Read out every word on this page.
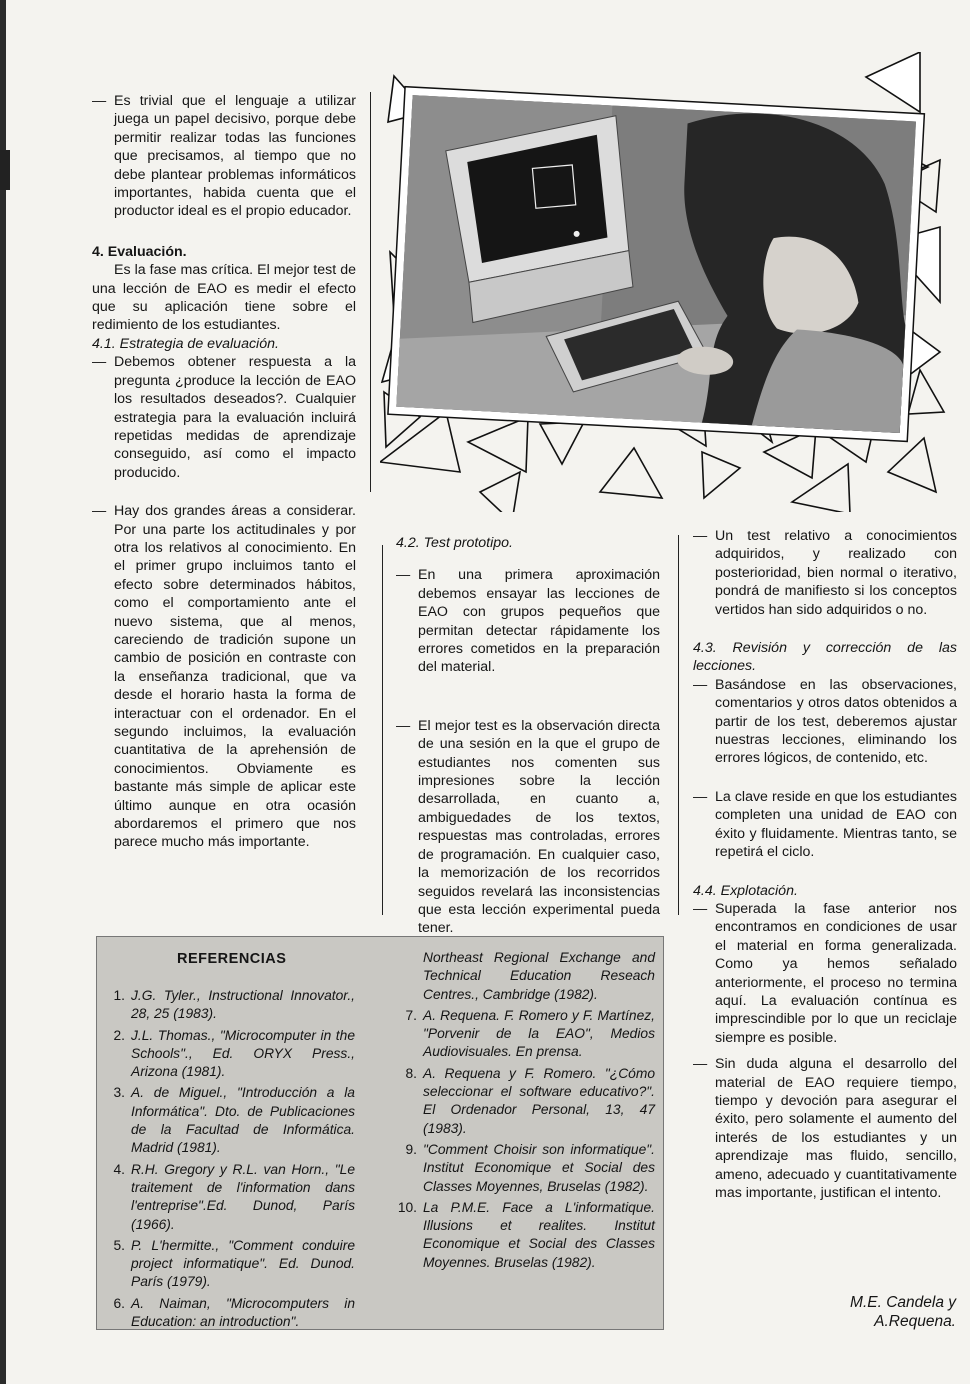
— Es trivial que el lenguaje a utilizar juega un papel decisivo, porque debe permitir realizar todas las funciones que precisamos, al tiempo que no debe plantear problemas informáticos importantes, habida cuenta que el productor ideal es el propio educador.

4. Evaluación.

Es la fase mas crítica. El mejor test de una lección de EAO es medir el efecto que su aplicación tiene sobre el redimiento de los estudiantes.

4.1. Estrategia de evaluación.

— Debemos obtener respuesta a la pregunta ¿produce la lección de EAO los resultados deseados?. Cualquier estrategia para la evaluación incluirá repetidas medidas de aprendizaje conseguido, así como el impacto producido.

— Hay dos grandes áreas a considerar. Por una parte los actitudinales y por otra los relativos al conocimiento. En el primer grupo incluimos tanto el efecto sobre determinados hábitos, como el comportamiento ante el nuevo sistema, que al menos, careciendo de tradición supone un cambio de posición en contraste con la enseñanza tradicional, que va desde el horario hasta la forma de interactuar con el ordenador. En el segundo incluimos, la evaluación cuantitativa de la aprehensión de conocimientos. Obviamente es bastante más simple de aplicar este último aunque en otra ocasión abordaremos el primero que nos parece mucho más importante.

4.2. Test prototipo.

— En una primera aproximación debemos ensayar las lecciones de EAO con grupos pequeños que permitan detectar rápidamente los errores cometidos en la preparación del material.

— El mejor test es la observación directa de una sesión en la que el grupo de estudiantes nos comenten sus impresiones sobre la lección desarrollada, en cuanto a, ambiguedades de los textos, respuestas mas controladas, errores de programación. En cualquier caso, la memorización de los recorridos seguidos revelará las inconsistencias que esta lección experimental pueda tener.

— Un test relativo a conocimientos adquiridos, y realizado con posterioridad, bien normal o iterativo, pondrá de manifiesto si los conceptos vertidos han sido adquiridos o no.

4.3. Revisión y corrección de las lecciones.

— Basándose en las observaciones, comentarios y otros datos obtenidos a partir de los test, deberemos ajustar nuestras lecciones, eliminando los errores lógicos, de contenido, etc.

— La clave reside en que los estudiantes completen una unidad de EAO con éxito y fluidamente. Mientras tanto, se repetirá el ciclo.

4.4. Explotación.

— Superada la fase anterior nos encontramos en condiciones de usar el material en forma generalizada. Como ya hemos señalado anteriormente, el proceso no termina aquí. La evaluación contínua es imprescindible por lo que un reciclaje siempre es posible.

— Sin duda alguna el desarrollo del material de EAO requiere tiempo, tiempo y devoción para asegurar el éxito, pero solamente el aumento del interés de los estudiantes y un aprendizaje mas fluido, sencillo, ameno, adecuado y cuantitativamente mas importante, justifican el intento.

M.E. Candela y
A.Requena.
REFERENCIAS
1. J.G. Tyler., Instructional Innovator., 28, 25 (1983).
2. J.L. Thomas., "Microcomputer in the Schools"., Ed. ORYX Press., Arizona (1981).
3. A. de Miguel., "Introducción a la Informática". Dto. de Publicaciones de la Facultad de Informática. Madrid (1981).
4. R.H. Gregory y R.L. van Horn., "Le traitement de l'information dans l'entreprise".Ed. Dunod, París (1966).
5. P. L'hermitte., "Comment conduire project informatique". Ed. Dunod. París (1979).
6. A. Naiman, "Microcomputers in Education: an introduction".

Northeast Regional Exchange and Technical Education Reseach Centres., Cambridge (1982).

7. A. Requena. F. Romero y F. Martínez, "Porvenir de la EAO", Medios Audiovisuales. En prensa.
8. A. Requena y F. Romero. "¿Cómo seleccionar el software educativo?". El Ordenador Personal, 13, 47 (1983).
9. "Comment Choisir son informatique". Institut Economique et Social des Classes Moyennes, Bruselas (1982).
10. La P.M.E. Face a L'informatique. Illusions et realites. Institut Economique et Social des Classes Moyennes. Bruselas (1982).
